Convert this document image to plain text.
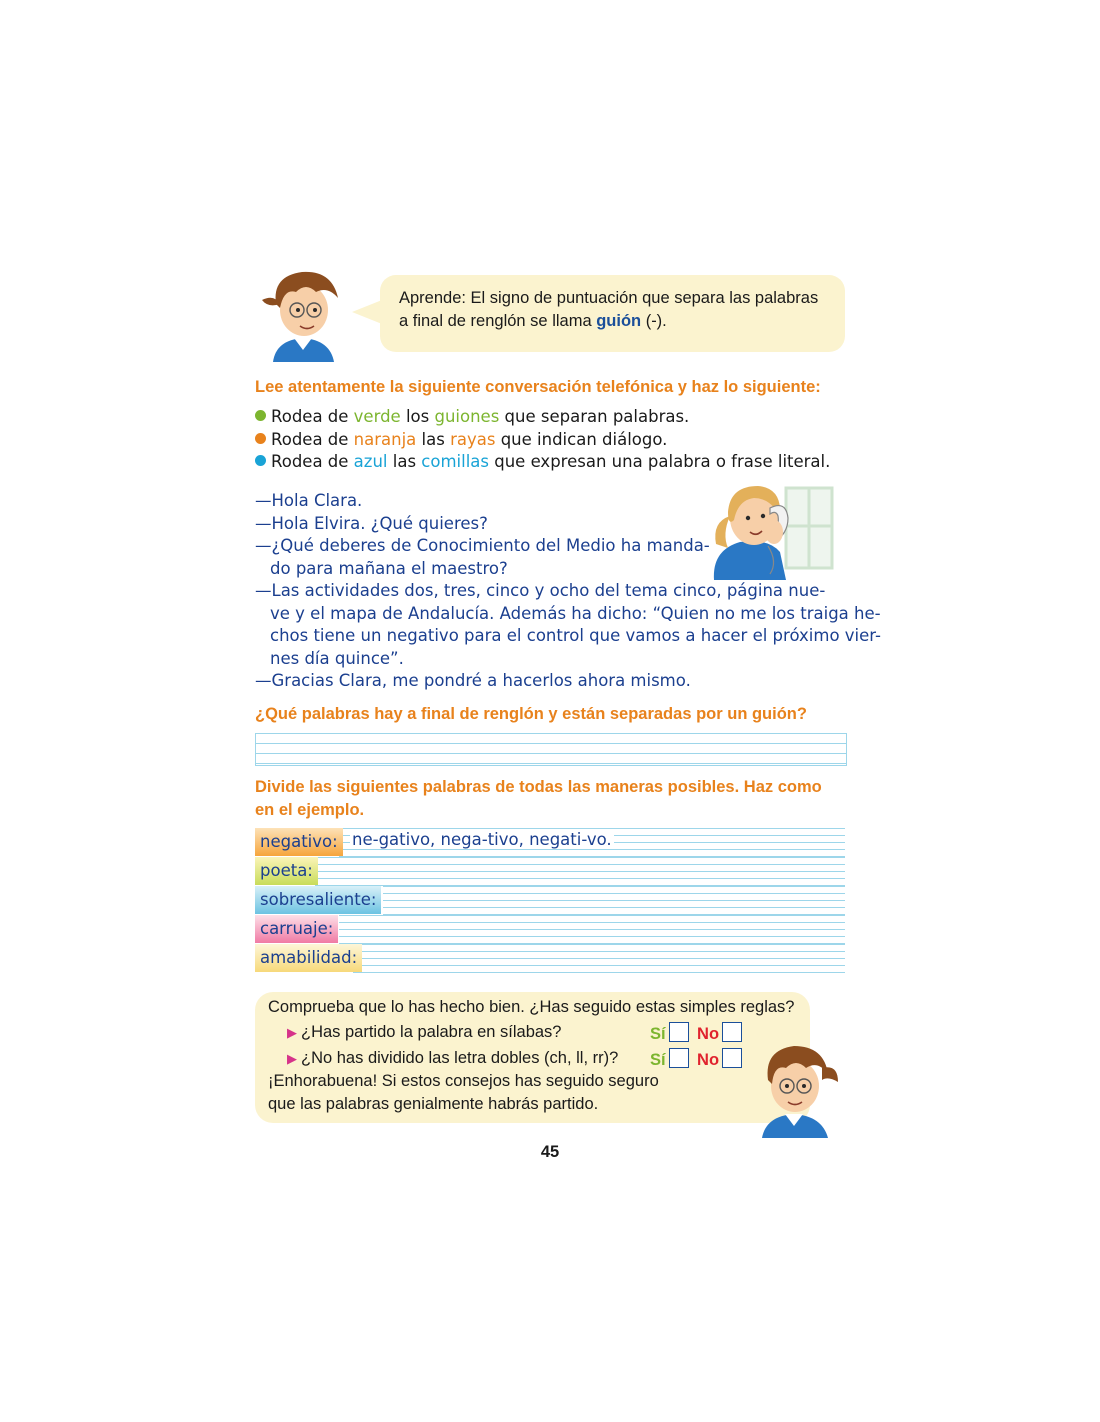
Aprende: El signo de puntuación que separa las palabras
a final de renglón se llama guión (-).
Lee atentamente la siguiente conversación telefónica y haz lo siguiente:
Rodea de verde los guiones que separan palabras.
Rodea de naranja las rayas que indican diálogo.
Rodea de azul las comillas que expresan una palabra o frase literal.
—Hola Clara.
—Hola Elvira. ¿Qué quieres?
—¿Qué deberes de Conocimiento del Medio ha manda-
do para mañana el maestro?
—Las actividades dos, tres, cinco y ocho del tema cinco, página nue-
ve y el mapa de Andalucía. Además ha dicho: “Quien no me los traiga he-
chos tiene un negativo para el control que vamos a hacer el próximo vier-
nes día quince”.
—Gracias Clara, me pondré a hacerlos ahora mismo.
¿Qué palabras hay a final de renglón y están separadas por un guión?
Divide las siguientes palabras de todas las maneras posibles. Haz como
en el ejemplo.
negativo: ne-gativo, nega-tivo, negati-vo.
poeta:
sobresaliente:
carruaje:
amabilidad:
Comprueba que lo has hecho bien. ¿Has seguido estas simples reglas?
▶ ¿Has partido la palabra en sílabas?	Sí No
▶ ¿No has dividido las letra dobles (ch, ll, rr)? Sí No
¡Enhorabuena! Si estos consejos has seguido seguro
que las palabras genialmente habrás partido.
45
